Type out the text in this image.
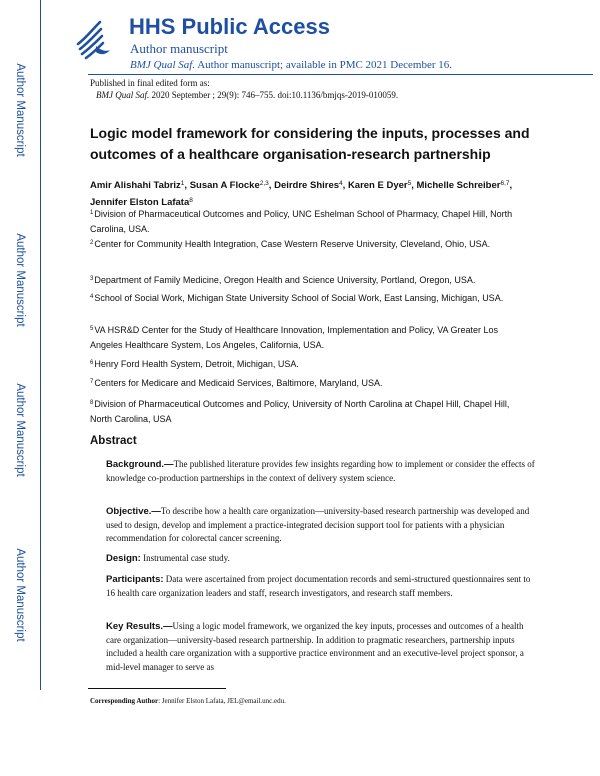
Author Manuscript
Author Manuscript
Author Manuscript
Author Manuscript
HHS Public Access
Author manuscript
BMJ Qual Saf. Author manuscript; available in PMC 2021 December 16.
Published in final edited form as:
BMJ Qual Saf. 2020 September ; 29(9): 746–755. doi:10.1136/bmjqs-2019-010059.
Logic model framework for considering the inputs, processes and outcomes of a healthcare organisation-research partnership
Amir Alishahi Tabriz$^1$, Susan A Flocke$^{2,3}$, Deirdre Shires$^4$, Karen E Dyer$^5$, Michelle Schreiber$^{6,7}$, Jennifer Elston Lafata$^8$
$^1$Division of Pharmaceutical Outcomes and Policy, UNC Eshelman School of Pharmacy, Chapel Hill, North Carolina, USA.
$^2$Center for Community Health Integration, Case Western Reserve University, Cleveland, Ohio, USA.
$^3$Department of Family Medicine, Oregon Health and Science University, Portland, Oregon, USA.
$^4$School of Social Work, Michigan State University School of Social Work, East Lansing, Michigan, USA.
$^5$VA HSR&D Center for the Study of Healthcare Innovation, Implementation and Policy, VA Greater Los Angeles Healthcare System, Los Angeles, California, USA.
$^6$Henry Ford Health System, Detroit, Michigan, USA.
$^7$Centers for Medicare and Medicaid Services, Baltimore, Maryland, USA.
$^8$Division of Pharmaceutical Outcomes and Policy, University of North Carolina at Chapel Hill, Chapel Hill, North Carolina, USA
Abstract
Background.—The published literature provides few insights regarding how to implement or consider the effects of knowledge co-production partnerships in the context of delivery system science.
Objective.—To describe how a health care organization—university-based research partnership was developed and used to design, develop and implement a practice-integrated decision support tool for patients with a physician recommendation for colorectal cancer screening.
Design: Instrumental case study.
Participants: Data were ascertained from project documentation records and semi-structured questionnaires sent to 16 health care organization leaders and staff, research investigators, and research staff members.
Key Results.—Using a logic model framework, we organized the key inputs, processes and outcomes of a health care organization—university-based research partnership. In addition to pragmatic researchers, partnership inputs included a health care organization with a supportive practice environment and an executive-level project sponsor, a mid-level manager to serve as
Corresponding Author: Jennifer Elston Lafata, JEL@email.unc.edu.
